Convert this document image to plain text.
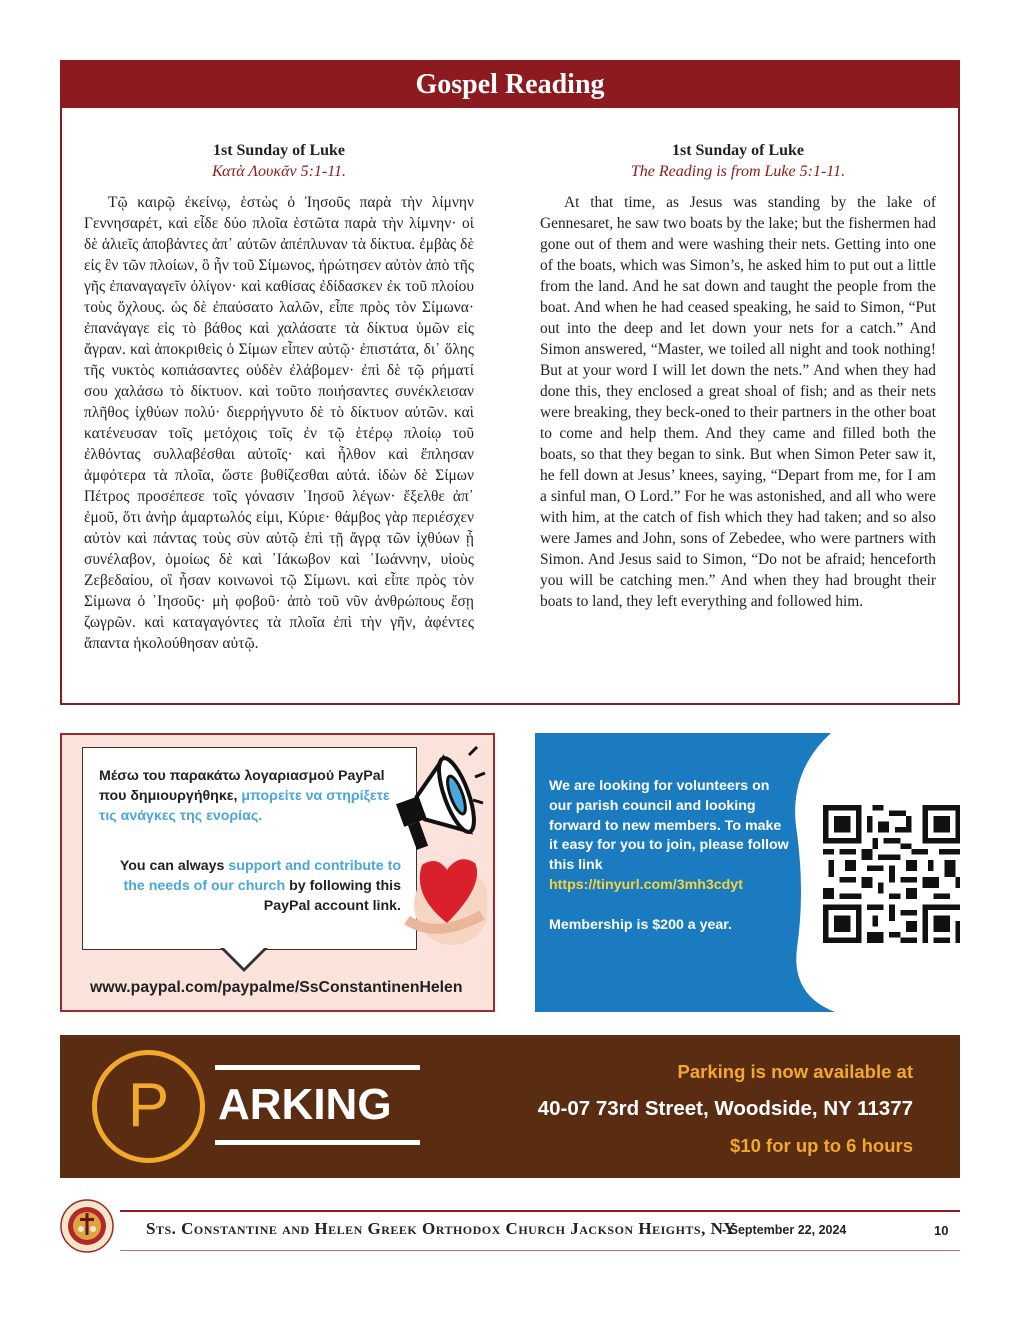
Gospel Reading
1st Sunday of Luke
Κατὰ Λουκᾶν 5:1-11.

Τῷ καιρῷ ἐκείνῳ, ἑστὼς ὁ Ἰησοῦς παρὰ τὴν λίμνην Γεννησαρέτ, καὶ εἶδε δύο πλοῖα ἑστῶτα παρὰ τὴν λίμνην· οἱ δὲ ἁλιεῖς ἀποβάντες ἀπ᾿ αὐτῶν ἀπέπλυναν τὰ δίκτυα. ἐμβὰς δὲ εἰς ἓν τῶν πλοίων, ὃ ἦν τοῦ Σίμωνος, ἠρώτησεν αὐτὸν ἀπὸ τῆς γῆς ἐπαναγαγεῖν ὀλίγον· καὶ καθίσας ἐδίδασκεν ἐκ τοῦ πλοίου τοὺς ὄχλους. ὡς δὲ ἐπαύσατο λαλῶν, εἶπε πρὸς τὸν Σίμωνα· ἐπανάγαγε εἰς τὸ βάθος καὶ χαλάσατε τὰ δίκτυα ὑμῶν εἰς ἄγραν. καὶ ἀποκριθεὶς ὁ Σίμων εἶπεν αὐτῷ· ἐπιστάτα, δι᾿ ὅλης τῆς νυκτὸς κοπιάσαντες οὐδὲν ἐλάβομεν· ἐπὶ δὲ τῷ ρήματί σου χαλάσω τὸ δίκτυον. καὶ τοῦτο ποιήσαντες συνέκλεισαν πλῆθος ἰχθύων πολύ· διερρήγνυτο δὲ τὸ δίκτυον αὐτῶν. καὶ κατένευσαν τοῖς μετόχοις τοῖς ἐν τῷ ἑτέρῳ πλοίῳ τοῦ ἐλθόντας συλλαβέσθαι αὐτοῖς· καὶ ἦλθον καὶ ἔπλησαν ἀμφότερα τὰ πλοῖα, ὥστε βυθίζεσθαι αὐτά. ἰδὼν δὲ Σίμων Πέτρος προσέπεσε τοῖς γόνασιν ᾿Ιησοῦ λέγων· ἔξελθε ἀπ᾿ ἐμοῦ, ὅτι ἀνὴρ ἁμαρτωλός εἰμι, Κύριε· θάμβος γὰρ περιέσχεν αὐτὸν καὶ πάντας τοὺς σὺν αὐτῷ ἐπὶ τῇ ἄγρᾳ τῶν ἰχθύων ᾗ συνέλαβον, ὁμοίως δὲ καὶ ᾿Ιάκωβον καὶ ᾿Ιωάννην, υἱοὺς Ζεβεδαίου, οἳ ἦσαν κοινωνοὶ τῷ Σίμωνι. καὶ εἶπε πρὸς τὸν Σίμωνα ὁ ᾿Ιησοῦς· μὴ φοβοῦ· ἀπὸ τοῦ νῦν ἀνθρώπους ἔσῃ ζωγρῶν. καὶ καταγαγόντες τὰ πλοῖα ἐπὶ τὴν γῆν, ἀφέντες ἅπαντα ἠκολούθησαν αὐτῷ.

1st Sunday of Luke
The Reading is from Luke 5:1-11.

At that time, as Jesus was standing by the lake of Gennesaret, he saw two boats by the lake; but the fishermen had gone out of them and were washing their nets. Getting into one of the boats, which was Simon’s, he asked him to put out a little from the land. And he sat down and taught the people from the boat. And when he had ceased speaking, he said to Simon, “Put out into the deep and let down your nets for a catch.” And Simon answered, “Master, we toiled all night and took nothing! But at your word I will let down the nets.” And when they had done this, they enclosed a great shoal of fish; and as their nets were breaking, they beck-oned to their partners in the other boat to come and help them. And they came and filled both the boats, so that they began to sink. But when Simon Peter saw it, he fell down at Jesus’ knees, saying, “Depart from me, for I am a sinful man, O Lord.” For he was astonished, and all who were with him, at the catch of fish which they had taken; and so also were James and John, sons of Zebedee, who were partners with Simon. And Jesus said to Simon, “Do not be afraid; henceforth you will be catching men.” And when they had brought their boats to land, they left everything and followed him.

Μέσω του παρακάτω λογαριασμού PayPal που δημιουργήθηκε, μπορείτε να στηρίξετε τις ανάγκες της ενορίας.
You can always support and contribute to the needs of our church by following this PayPal account link.
www.paypal.com/paypalme/SsConstantinenHelen
We are looking for volunteers on our parish council and looking forward to new members. To make it easy for you to join, please follow this link
https://tinyurl.com/3mh3cdyt
Membership is $200 a year.
P	ARKING
Parking is now available at
40-07 73rd Street, Woodside, NY 11377
$10 for up to 6 hours
Sts. Constantine and Helen Greek Orthodox Church Jackson Heights, NY
- September 22, 2024	10
